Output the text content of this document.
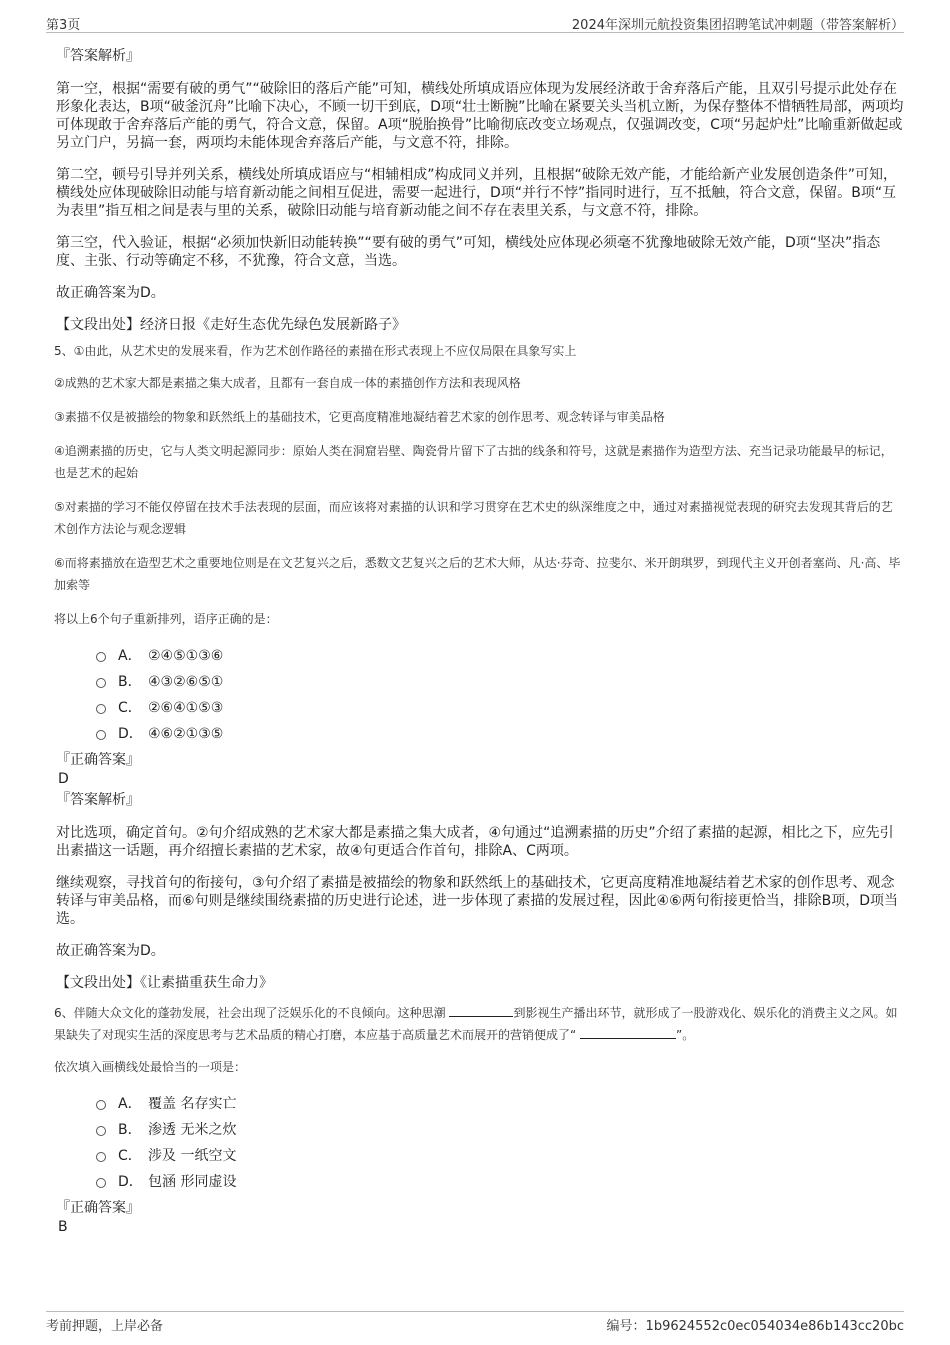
第3页	2024年深圳元航投资集团招聘笔试冲刺题（带答案解析）
『答案解析』

第一空，根据“需要有破的勇气”“破除旧的落后产能”可知，横线处所填成语应体现为发展经济敢于舍弃落后产能，且双引号提示此处存在形象化表达，B项“破釜沉舟”比喻下决心，不顾一切干到底，D项“壮士断腕”比喻在紧要关头当机立断，为保存整体不惜牺牲局部，两项均可体现敢于舍弃落后产能的勇气，符合文意，保留。A项“脱胎换骨”比喻彻底改变立场观点，仅强调改变，C项“另起炉灶”比喻重新做起或另立门户，另搞一套，两项均未能体现舍弃落后产能，与文意不符，排除。

第二空，顿号引导并列关系，横线处所填成语应与“相辅相成”构成同义并列，且根据“破除无效产能，才能给新产业发展创造条件”可知，横线处应体现破除旧动能与培育新动能之间相互促进，需要一起进行，D项“并行不悖”指同时进行，互不抵触，符合文意，保留。B项“互为表里”指互相之间是表与里的关系，破除旧动能与培育新动能之间不存在表里关系，与文意不符，排除。

第三空，代入验证，根据“必须加快新旧动能转换”“要有破的勇气”可知，横线处应体现必须毫不犹豫地破除无效产能，D项“坚决”指态度、主张、行动等确定不移，不犹豫，符合文意，当选。

故正确答案为D。

【文段出处】经济日报《走好生态优先绿色发展新路子》

5、①由此，从艺术史的发展来看，作为艺术创作路径的素描在形式表现上不应仅局限在具象写实上

②成熟的艺术家大都是素描之集大成者，且都有一套自成一体的素描创作方法和表现风格

③素描不仅是被描绘的物象和跃然纸上的基础技术，它更高度精准地凝结着艺术家的创作思考、观念转译与审美品格

④追溯素描的历史，它与人类文明起源同步：原始人类在洞窟岩壁、陶瓷骨片留下了古拙的线条和符号，这就是素描作为造型方法、充当记录功能最早的标记，也是艺术的起始

⑤对素描的学习不能仅停留在技术手法表现的层面，而应该将对素描的认识和学习贯穿在艺术史的纵深维度之中，通过对素描视觉表现的研究去发现其背后的艺术创作方法论与观念逻辑

⑥而将素描放在造型艺术之重要地位则是在文艺复兴之后，悉数文艺复兴之后的艺术大师，从达·芬奇、拉斐尔、米开朗琪罗，到现代主义开创者塞尚、凡·高、毕加索等

将以上6个句子重新排列，语序正确的是：

A． ②④⑤①③⑥
B． ④③②⑥⑤①
C． ②⑥④①⑤③
D． ④⑥②①③⑤
『正确答案』
D
『答案解析』

对比选项，确定首句。②句介绍成熟的艺术家大都是素描之集大成者，④句通过“追溯素描的历史”介绍了素描的起源，相比之下，应先引出素描这一话题，再介绍擅长素描的艺术家，故④句更适合作首句，排除A、C两项。

继续观察，寻找首句的衔接句，③句介绍了素描是被描绘的物象和跃然纸上的基础技术，它更高度精准地凝结着艺术家的创作思考、观念转译与审美品格，而⑥句则是继续围绕素描的历史进行论述，进一步体现了素描的发展过程，因此④⑥两句衔接更恰当，排除B项，D项当选。

故正确答案为D。

【文段出处】《让素描重获生命力》

6、伴随大众文化的蓬勃发展，社会出现了泛娱乐化的不良倾向。这种思潮	到影视生产播出环节，就形成了一股游戏化、娱乐化的消费主义之风。如果缺失了对现实生活的深度思考与艺术品质的精心打磨，本应基于高质量艺术而展开的营销便成了“	”。

依次填入画横线处最恰当的一项是：

A． 覆盖 名存实亡
B． 渗透 无米之炊
C． 涉及 一纸空文
D． 包涵 形同虚设
『正确答案』
B
考前押题，上岸必备	编号：1b9624552c0ec054034e86b143cc20bc
